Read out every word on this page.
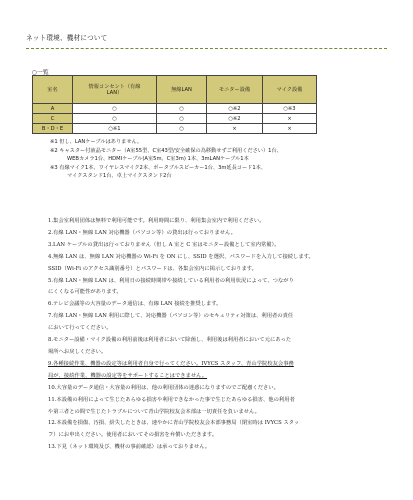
ネット環境、機材について
○一覧
室名	情報コンセント（有線LAN）	無線LAN	モニター設備	マイク設備
A	○	○	○※2	○※3
C	○	○	○※2	×
B・D・E	○※1	○	×	×
※1 但し、LANケーブルはありません。
※2 キャスター付液晶モニター（A室55型、C室43型/安全確保の為移動せずご利用ください）1台、
WEBカメラ1台、HDMIケーブル(A室5m、C室3m) 1本、3mLANケーブル1本
※3 有線マイク1本、ワイヤレスマイク2本、ポータブルスピーカー1台、3m延長コード1本、
マイクスタンド1台、卓上マイクスタンド2台
1.集会室利用団体は無料で利用可能です。利用時間に限り、利用集会室内で利用ください。
2.有線 LAN・無線 LAN 対応機器（パソコン等）の貸出は行っておりません。
3.LAN ケーブルの貸出は行っておりません（但し A 室と C 室はモニター設備として室内常備）。
4.無線 LAN は、無線 LAN 対応機器の Wi-Fi を ON にし、SSID を選択、パスワードを入力して接続します。
SSID（Wi-Fi のアクセス識別番号）とパスワードは、各集会室内に掲示しております。
5.有線 LAN・無線 LAN は、利用日の接続時間帯や接続している利用者の利用状況によって、つながり
にくくなる可能性があります。
6.テレビ会議等の大容量のデータ通信は、有線 LAN 接続を推奨します。
7.有線 LAN・無線 LAN 利用に際して、対応機器（パソコン等）のセキュリティ対策は、利用者の責任
において行ってください。
8.モニター設備・マイク設備の利用前後は利用者において除菌し、利用後は利用者において元にあった
場所へお戻しください。
9.各種接続作業、機器の設定等は利用者自身で行ってください。IVYCS スタッフ、青山学院校友会事務
局が、接続作業、機器の設定等をサポートすることはできません。
10.大容量のデータ通信・大容量の利用は、他の利用団体の迷惑になりますのでご配慮ください。
11.本設備の利用によって生じたあらゆる損害や利用できなかった事で生じたあらゆる損害、他の利用者
や第三者との間で生じたトラブルについて青山学院校友会本部は一切責任を負いません。
12.本設備を損傷、汚損、紛失したときは、速やかに青山学院校友会本部事務局（閉室時は IVYCS スタッ
フ）にお申出ください。使用者においてその損害を弁償いただきます。
13.下見（ネット環境及び、機材の事前確認）は承っておりません。
